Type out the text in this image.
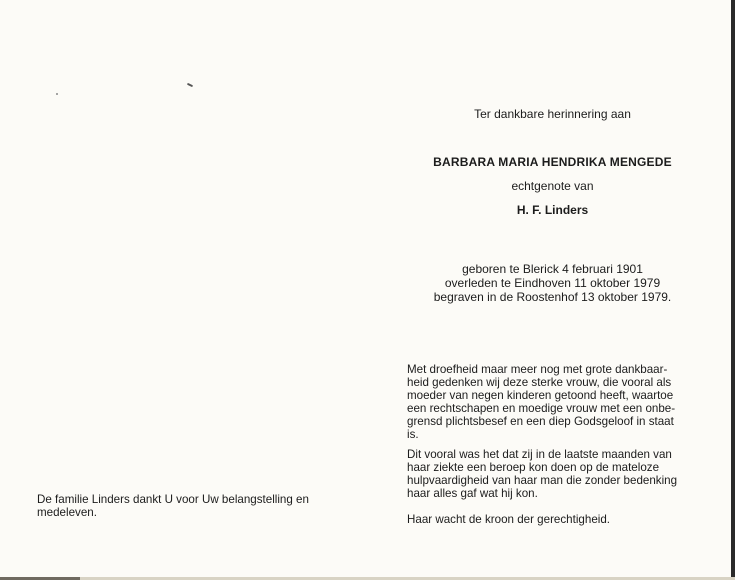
Ter dankbare herinnering aan
BARBARA MARIA HENDRIKA MENGEDE
echtgenote van
H. F. Linders
geboren te Blerick 4 februari 1901
overleden te Eindhoven 11 oktober 1979
begraven in de Roostenhof 13 oktober 1979.
Met droefheid maar meer nog met grote dankbaar-
heid gedenken wij deze sterke vrouw, die vooral als
moeder van negen kinderen getoond heeft, waartoe
een rechtschapen en moedige vrouw met een onbe-
grensd plichtsbesef en een diep Godsgeloof in staat
is.
Dit vooral was het dat zij in de laatste maanden van
haar ziekte een beroep kon doen op de mateloze
hulpvaardigheid van haar man die zonder bedenking
haar alles gaf wat hij kon.
Haar wacht de kroon der gerechtigheid.
De familie Linders dankt U voor Uw belangstelling en
medeleven.
